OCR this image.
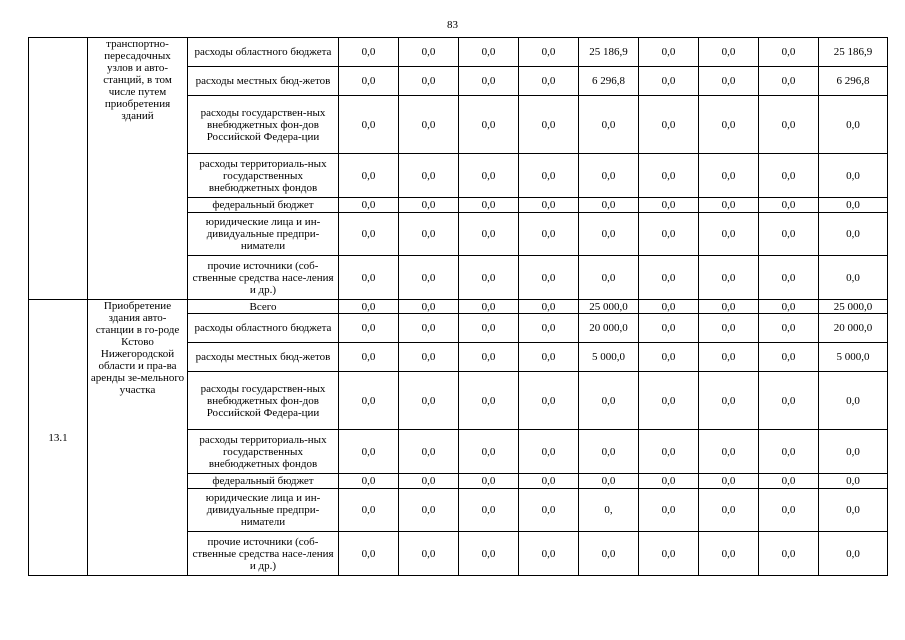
83
	транспортно-пересадочных узлов и авто-станций, в том числе путем приобретения зданий	расходы областного бюджета	0,0	0,0	0,0	0,0	25 186,9	0,0	0,0	0,0	25 186,9
		расходы местных бюд-жетов	0,0	0,0	0,0	0,0	6 296,8	0,0	0,0	0,0	6 296,8
		расходы государствен-ных внебюджетных фон-дов Российской Федера-ции	0,0	0,0	0,0	0,0	0,0	0,0	0,0	0,0	0,0
		расходы территориаль-ных государственных внебюджетных фондов	0,0	0,0	0,0	0,0	0,0	0,0	0,0	0,0	0,0
		федеральный бюджет	0,0	0,0	0,0	0,0	0,0	0,0	0,0	0,0	0,0
		юридические лица и ин-дивидуальные предпри-ниматели	0,0	0,0	0,0	0,0	0,0	0,0	0,0	0,0	0,0
		прочие источники (соб-ственные средства насе-ления и др.)	0,0	0,0	0,0	0,0	0,0	0,0	0,0	0,0	0,0
13.1	Приобретение здания авто-станции в го-роде Кстово Нижегородской области и пра-ва аренды зе-мельного участка	Всего	0,0	0,0	0,0	0,0	25 000,0	0,0	0,0	0,0	25 000,0
		расходы областного бюджета	0,0	0,0	0,0	0,0	20 000,0	0,0	0,0	0,0	20 000,0
		расходы местных бюд-жетов	0,0	0,0	0,0	0,0	5 000,0	0,0	0,0	0,0	5 000,0
		расходы государствен-ных внебюджетных фон-дов Российской Федера-ции	0,0	0,0	0,0	0,0	0,0	0,0	0,0	0,0	0,0
		расходы территориаль-ных государственных внебюджетных фондов	0,0	0,0	0,0	0,0	0,0	0,0	0,0	0,0	0,0
		федеральный бюджет	0,0	0,0	0,0	0,0	0,0	0,0	0,0	0,0	0,0
		юридические лица и ин-дивидуальные предпри-ниматели	0,0	0,0	0,0	0,0	0,	0,0	0,0	0,0	0,0
		прочие источники (соб-ственные средства насе-ления и др.)	0,0	0,0	0,0	0,0	0,0	0,0	0,0	0,0	0,0
